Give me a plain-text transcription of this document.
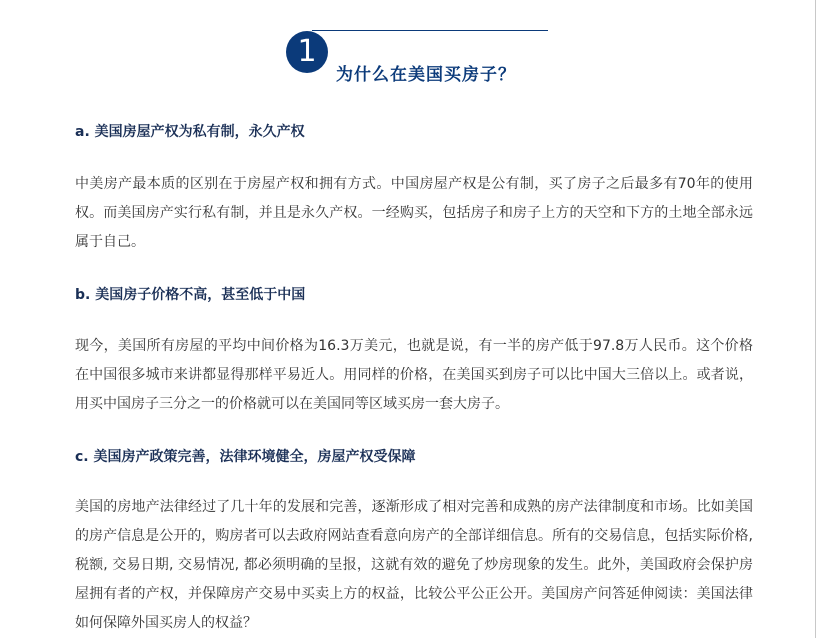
1
为什么在美国买房子？
a. 美国房屋产权为私有制，永久产权
中美房产最本质的区别在于房屋产权和拥有方式。中国房屋产权是公有制，买了房子之后最多有70年的使用权。而美国房产实行私有制，并且是永久产权。一经购买，包括房子和房子上方的天空和下方的土地全部永远属于自己。
b. 美国房子价格不高，甚至低于中国
现今，美国所有房屋的平均中间价格为16.3万美元，也就是说，有一半的房产低于97.8万人民币。这个价格在中国很多城市来讲都显得那样平易近人。用同样的价格，在美国买到房子可以比中国大三倍以上。或者说，用买中国房子三分之一的价格就可以在美国同等区域买房一套大房子。
c. 美国房产政策完善，法律环境健全，房屋产权受保障
美国的房地产法律经过了几十年的发展和完善，逐渐形成了相对完善和成熟的房产法律制度和市场。比如美国的房产信息是公开的，购房者可以去政府网站查看意向房产的全部详细信息。所有的交易信息，包括实际价格,税额, 交易日期, 交易情况, 都必须明确的呈报，这就有效的避免了炒房现象的发生。此外，美国政府会保护房屋拥有者的产权，并保障房产交易中买卖上方的权益，比较公平公正公开。美国房产问答延伸阅读：美国法律如何保障外国买房人的权益？
